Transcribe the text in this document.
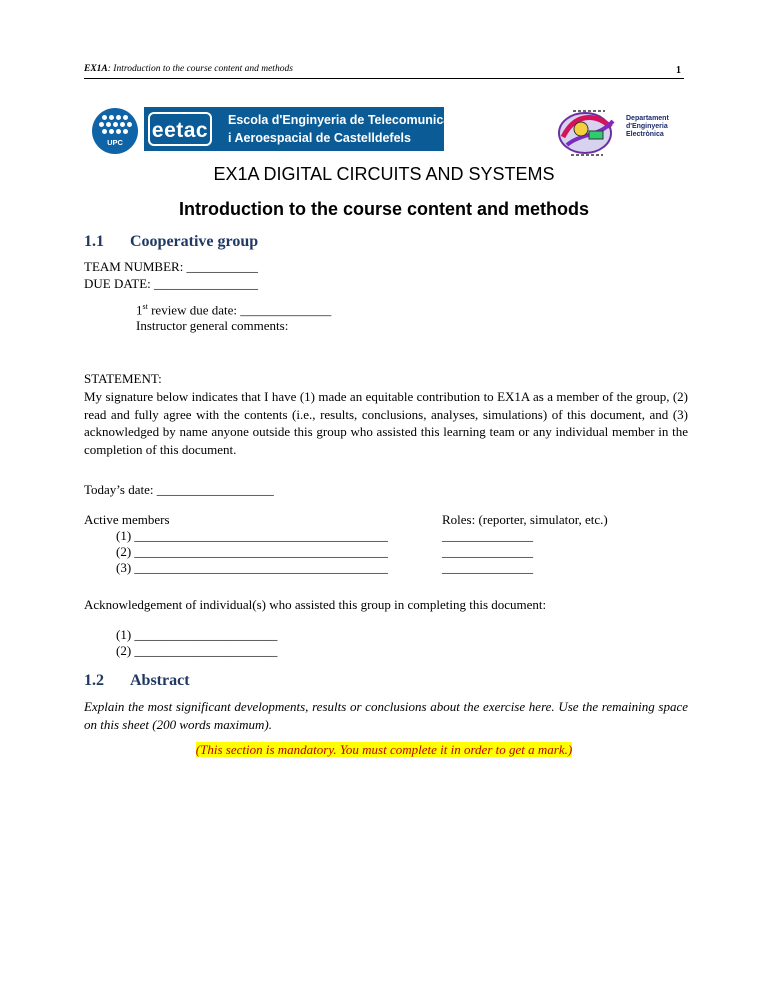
EX1A: Introduction to the course content and methods	1
UPC
eetac	Escola d'Enginyeria de Telecomunicació
i Aeroespacial de Castelldefels
Departament
d'Enginyeria
Electrònica
EX1A DIGITAL CIRCUITS AND SYSTEMS
Introduction to the course content and methods
1.1 Cooperative group
TEAM NUMBER: ___________
DUE DATE: ________________
1st review due date: ______________
Instructor general comments:
STATEMENT:
My signature below indicates that I have (1) made an equitable contribution to EX1A as a member of the group, (2) read and fully agree with the contents (i.e., results, conclusions, analyses, simulations) of this document, and (3) acknowledged by name anyone outside this group who assisted this learning team or any individual member in the completion of this document.
Today’s date: __________________
Active members	Roles: (reporter, simulator, etc.)
(1) _______________________________________	______________
(2) _______________________________________	______________
(3) _______________________________________	______________
Acknowledgement of individual(s) who assisted this group in completing this document:
(1) ______________________
(2) ______________________
1.2 Abstract
Explain the most significant developments, results or conclusions about the exercise here. Use the remaining space on this sheet (200 words maximum).
(This section is mandatory. You must complete it in order to get a mark.)
